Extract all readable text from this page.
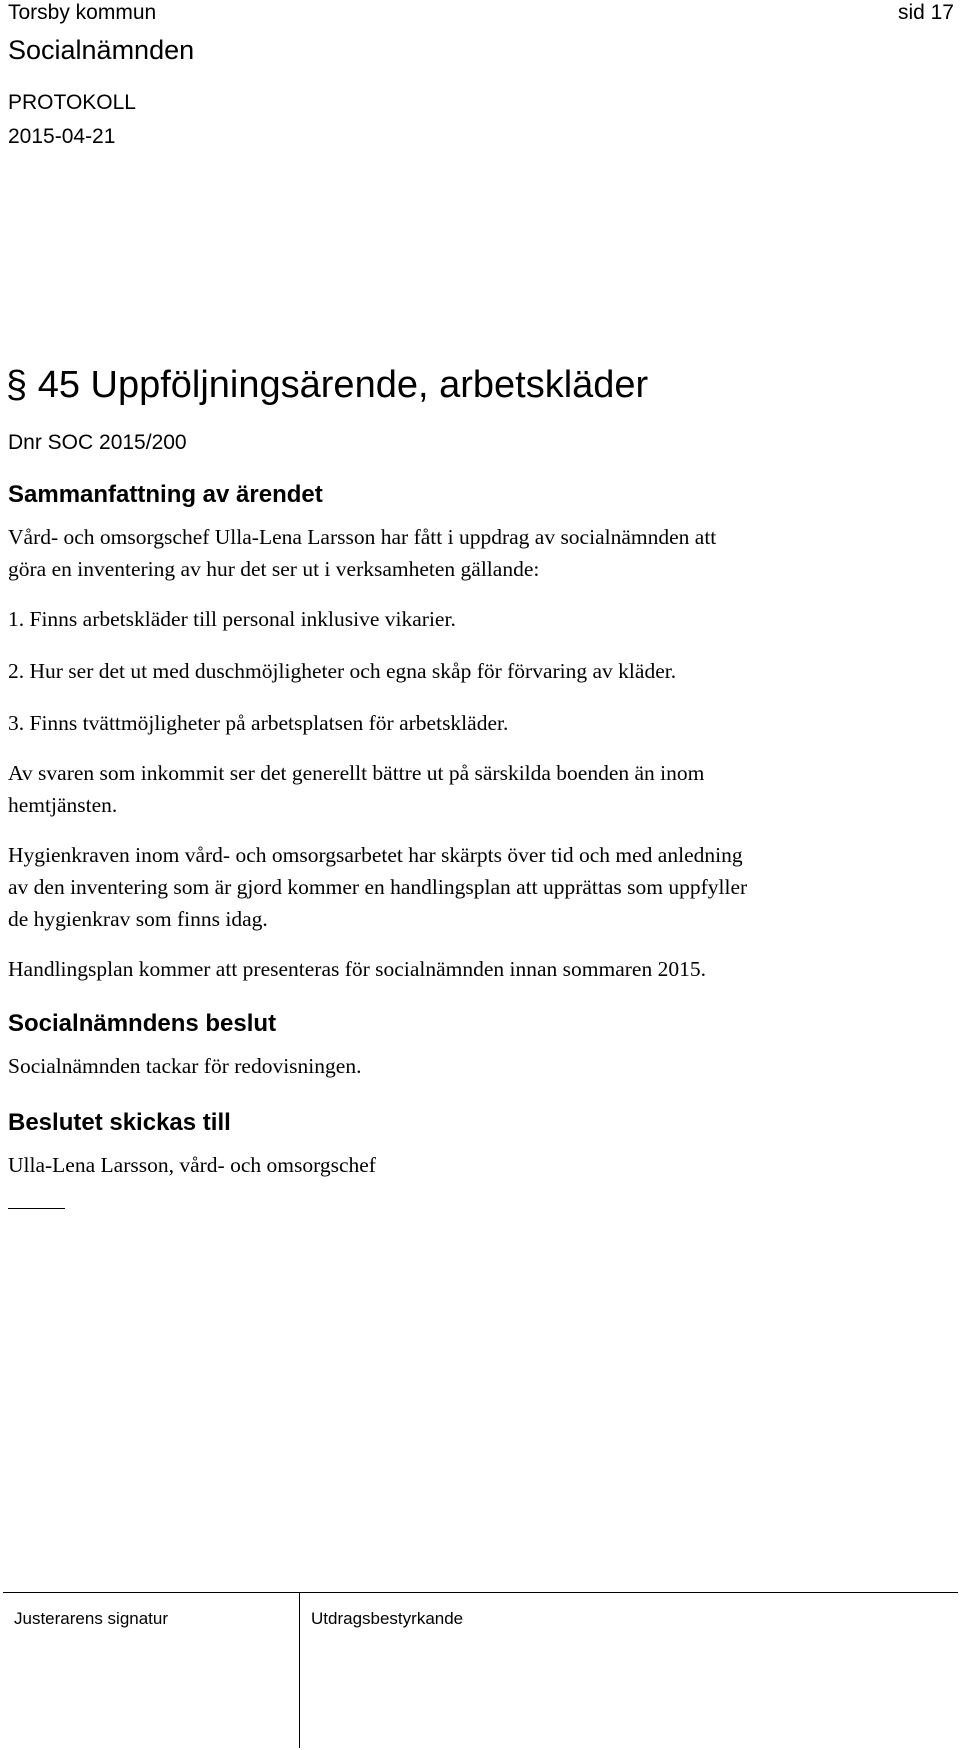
Torsby kommun	sid 17
Socialnämnden
PROTOKOLL
2015-04-21
§ 45 Uppföljningsärende, arbetskläder
Dnr SOC 2015/200
Sammanfattning av ärendet
Vård- och omsorgschef Ulla-Lena Larsson har fått i uppdrag av socialnämnden att
göra en inventering av hur det ser ut i verksamheten gällande:
1. Finns arbetskläder till personal inklusive vikarier.
2. Hur ser det ut med duschmöjligheter och egna skåp för förvaring av kläder.
3. Finns tvättmöjligheter på arbetsplatsen för arbetskläder.
Av svaren som inkommit ser det generellt bättre ut på särskilda boenden än inom
hemtjänsten.
Hygienkraven inom vård- och omsorgsarbetet har skärpts över tid och med anledning
av den inventering som är gjord kommer en handlingsplan att upprättas som uppfyller
de hygienkrav som finns idag.
Handlingsplan kommer att presenteras för socialnämnden innan sommaren 2015.
Socialnämndens beslut
Socialnämnden tackar för redovisningen.
Beslutet skickas till
Ulla-Lena Larsson, vård- och omsorgschef
Justerarens signatur	Utdragsbestyrkande
